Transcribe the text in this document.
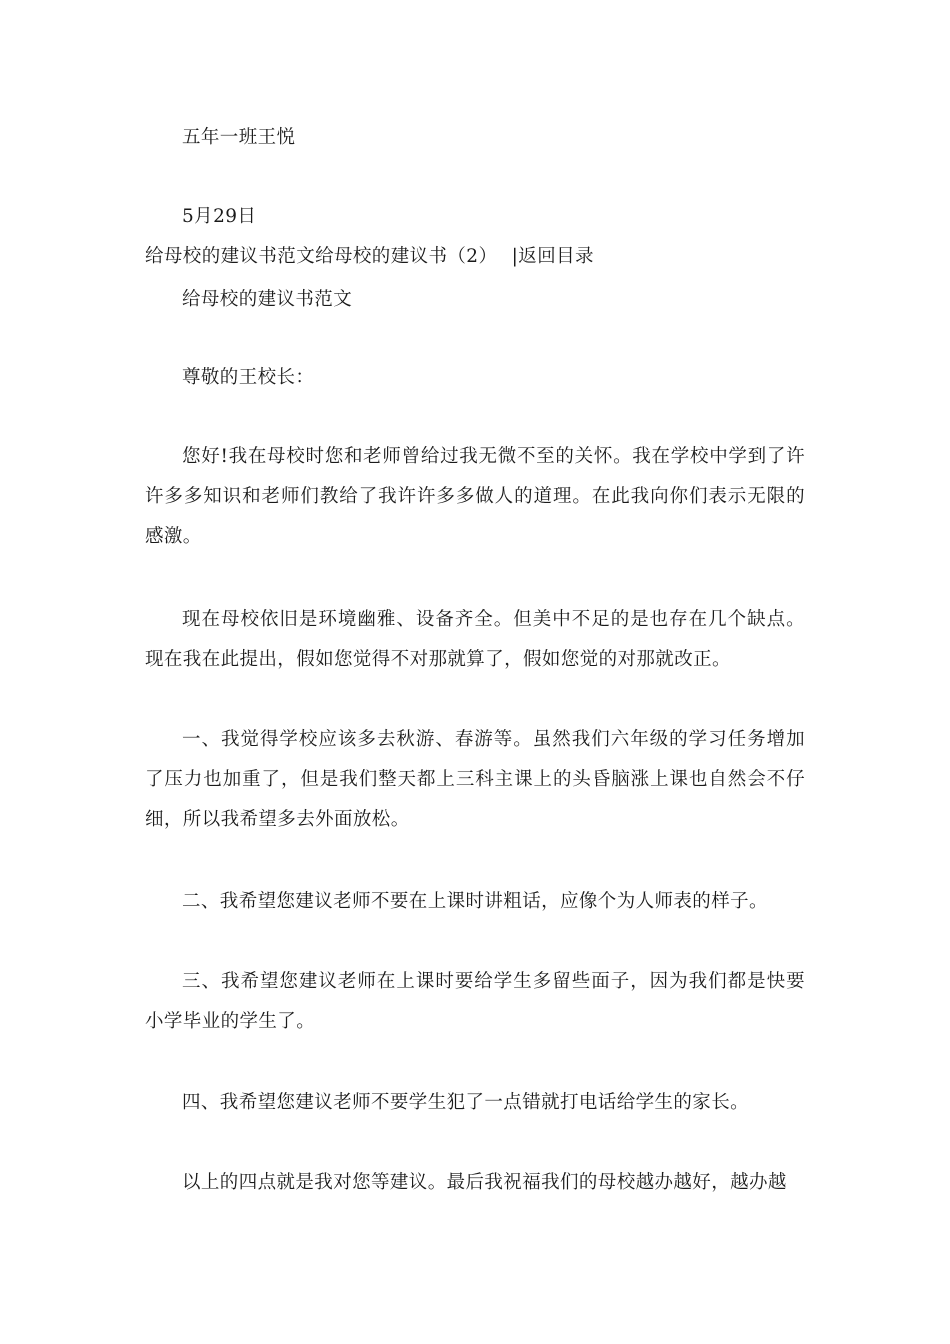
五年一班王悦
5月29日
给母校的建议书范文给母校的建议书（2） |返回目录
给母校的建议书范文
尊敬的王校长：
您好!我在母校时您和老师曾给过我无微不至的关怀。我在学校中学到了许许多多知识和老师们教给了我许许多多做人的道理。在此我向你们表示无限的感激。
现在母校依旧是环境幽雅、设备齐全。但美中不足的是也存在几个缺点。现在我在此提出，假如您觉得不对那就算了，假如您觉的对那就改正。
一、我觉得学校应该多去秋游、春游等。虽然我们六年级的学习任务增加了压力也加重了，但是我们整天都上三科主课上的头昏脑涨上课也自然会不仔细，所以我希望多去外面放松。
二、我希望您建议老师不要在上课时讲粗话，应像个为人师表的样子。
三、我希望您建议老师在上课时要给学生多留些面子，因为我们都是快要小学毕业的学生了。
四、我希望您建议老师不要学生犯了一点错就打电话给学生的家长。
以上的四点就是我对您等建议。最后我祝福我们的母校越办越好，越办越
